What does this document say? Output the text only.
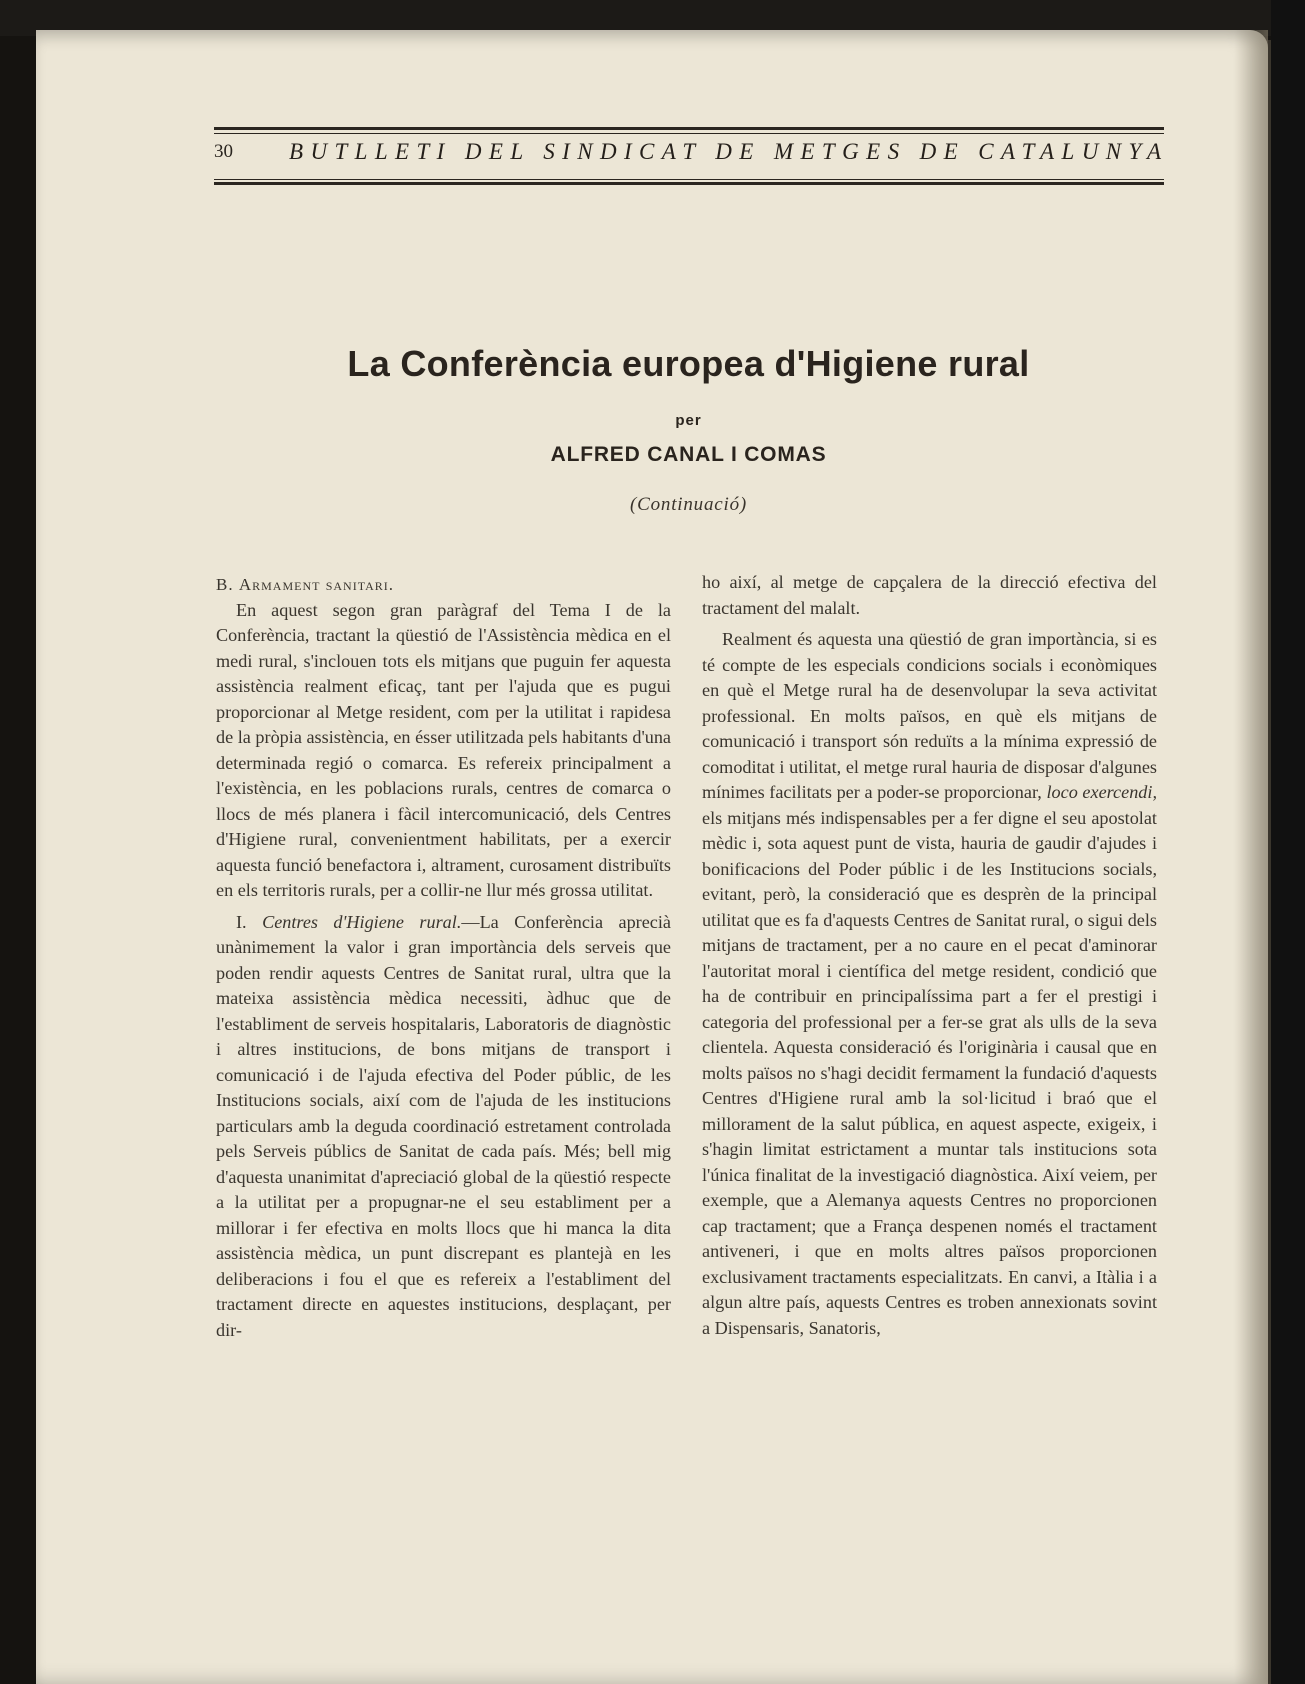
30 BUTLLETI DEL SINDICAT DE METGES DE CATALUNYA
La Conferència europea d'Higiene rural
per
ALFRED CANAL I COMAS
(Continuació)

B. Armament sanitari.

En aquest segon gran paràgraf del Tema I de la Conferència, tractant la qüestió de l'Assistència mèdica en el medi rural, s'inclouen tots els mitjans que puguin fer aquesta assistència realment eficaç, tant per l'ajuda que es pugui proporcionar al Metge resident, com per la utilitat i rapidesa de la pròpia assistència, en ésser utilitzada pels habitants d'una determinada regió o comarca. Es refereix principalment a l'existència, en les poblacions rurals, centres de comarca o llocs de més planera i fàcil intercomunicació, dels Centres d'Higiene rural, convenientment habilitats, per a exercir aquesta funció benefactora i, altrament, curosament distribuïts en els territoris rurals, per a collir-ne llur més grossa utilitat.

I. Centres d'Higiene rural.—La Conferència aprecià unànimement la valor i gran importància dels serveis que poden rendir aquests Centres de Sanitat rural, ultra que la mateixa assistència mèdica necessiti, àdhuc que de l'establiment de serveis hospitalaris, Laboratoris de diagnòstic i altres institucions, de bons mitjans de transport i comunicació i de l'ajuda efectiva del Poder públic, de les Institucions socials, així com de l'ajuda de les institucions particulars amb la deguda coordinació estretament controlada pels Serveis públics de Sanitat de cada país. Més; bell mig d'aquesta unanimitat d'apreciació global de la qüestió respecte a la utilitat per a propugnar-ne el seu establiment per a millorar i fer efectiva en molts llocs que hi manca la dita assistència mèdica, un punt discrepant es plantejà en les deliberacions i fou el que es refereix a l'establiment del tractament directe en aquestes institucions, desplaçant, per dir-

ho així, al metge de capçalera de la direcció efectiva del tractament del malalt.

Realment és aquesta una qüestió de gran importància, si es té compte de les especials condicions socials i econòmiques en què el Metge rural ha de desenvolupar la seva activitat professional. En molts països, en què els mitjans de comunicació i transport són reduïts a la mínima expressió de comoditat i utilitat, el metge rural hauria de disposar d'algunes mínimes facilitats per a poder-se proporcionar, loco exercendi, els mitjans més indispensables per a fer digne el seu apostolat mèdic i, sota aquest punt de vista, hauria de gaudir d'ajudes i bonificacions del Poder públic i de les Institucions socials, evitant, però, la consideració que es desprèn de la principal utilitat que es fa d'aquests Centres de Sanitat rural, o sigui dels mitjans de tractament, per a no caure en el pecat d'aminorar l'autoritat moral i científica del metge resident, condició que ha de contribuir en principalíssima part a fer el prestigi i categoria del professional per a fer-se grat als ulls de la seva clientela. Aquesta consideració és l'originària i causal que en molts països no s'hagi decidit fermament la fundació d'aquests Centres d'Higiene rural amb la sol·licitud i braó que el millorament de la salut pública, en aquest aspecte, exigeix, i s'hagin limitat estrictament a muntar tals institucions sota l'única finalitat de la investigació diagnòstica. Així veiem, per exemple, que a Alemanya aquests Centres no proporcionen cap tractament; que a França despenen només el tractament antiveneri, i que en molts altres països proporcionen exclusivament tractaments especialitzats. En canvi, a Itàlia i a algun altre país, aquests Centres es troben annexionats sovint a Dispensaris, Sanatoris,
